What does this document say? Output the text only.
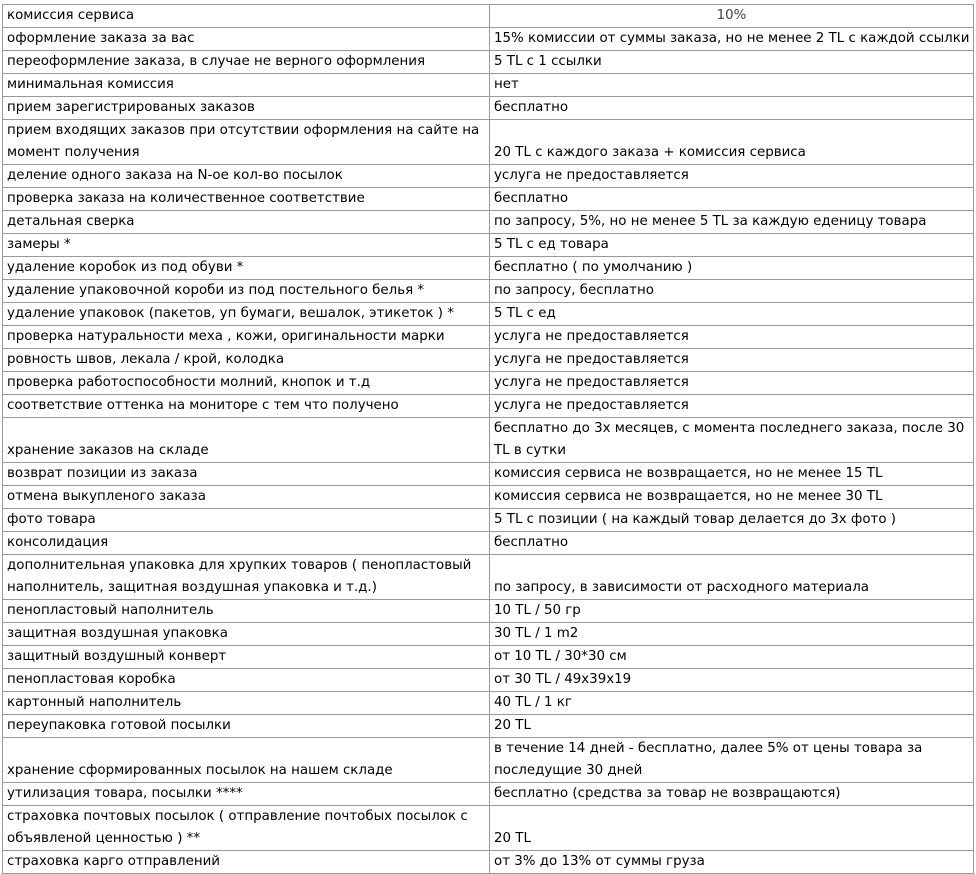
комиссия сервиса	10%
оформление заказа за вас	15% комиссии от суммы заказа, но не менее 2 TL с каждой ссылки
переоформление заказа, в случае не верного оформления	5 TL с 1 ссылки
минимальная комиссия	нет
прием зарегистрированых заказов	бесплатно
прием входящих заказов при отсутствии оформления на сайте на момент получения	20 TL с каждого заказа + комиссия сервиса
деление одного заказа на N-ое кол-во посылок	услуга не предоставляется
проверка заказа на количественное соответствие	бесплатно
детальная сверка	по запросу, 5%, но не менее 5 TL за каждую еденицу товара
замеры *	5 TL с ед товара
удаление коробок из под обуви *	бесплатно ( по умолчанию )
удаление упаковочной короби из под постельного белья *	по запросу, бесплатно
удаление упаковок (пакетов, уп бумаги, вешалок, этикеток ) *	5 TL с ед
проверка натуральности меха , кожи, оригинальности марки	услуга не предоставляется
ровность швов, лекала / крой, колодка	услуга не предоставляется
проверка работоспособности молний, кнопок и т.д	услуга не предоставляется
соответствие оттенка на мониторе с тем что получено	услуга не предоставляется
хранение заказов на складе	бесплатно до 3х месяцев, с момента последнего заказа, после 30 TL в сутки
возврат позиции из заказа	комиссия сервиса не возвращается, но не менее 15 TL
отмена выкупленого заказа	комиссия сервиса не возвращается, но не менее 30 TL
фото товара	5 TL с позиции ( на каждый товар делается до 3х фото )
консолидация	бесплатно
дополнительная упаковка для хрупких товаров ( пенопластовый наполнитель, защитная воздушная упаковка и т.д.)	по запросу, в зависимости от расходного материала
пенопластовый наполнитель	10 TL / 50 гр
защитная воздушная упаковка	30 TL / 1 m2
защитный воздушный конверт	от 10 TL / 30*30 см
пенопластовая коробка	от 30 TL / 49x39x19
картонный наполнитель	40 TL / 1 кг
переупаковка готовой посылки	20 TL
хранение сформированных посылок на нашем складе	в течение 14 дней - бесплатно, далее 5% от цены товара за последущие 30 дней
утилизация товара, посылки ****	бесплатно (средства за товар не возвращаются)
страховка почтовых посылок ( отправление почтобых посылок с объявленой ценностью ) **	20 TL
страховка карго отправлений	от 3% до 13% от суммы груза
